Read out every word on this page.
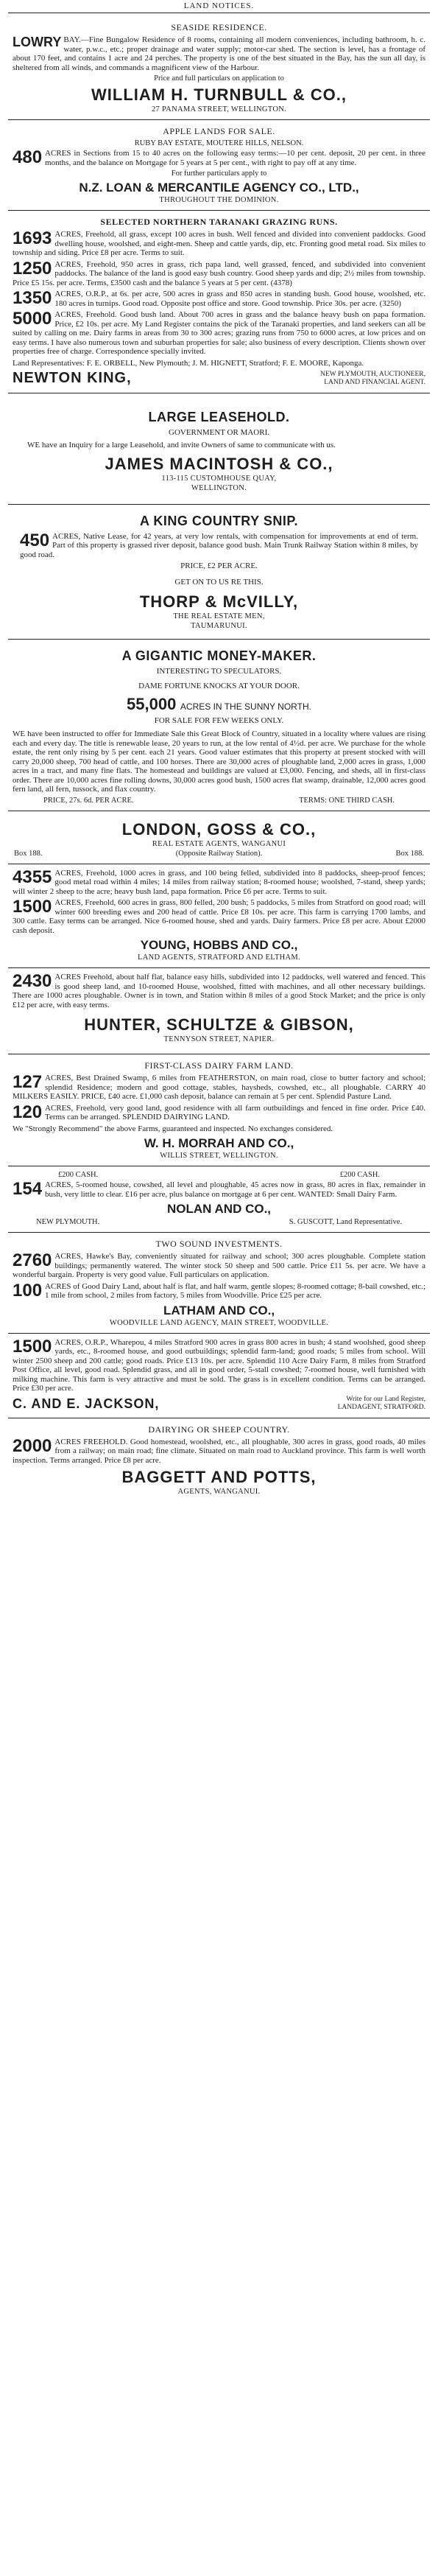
LAND NOTICES.
SEASIDE RESIDENCE.
LOWRY BAY.—Fine Bungalow Residence of 8 rooms, containing all modern conveniences, including bathroom, h. c. water, p.w.c., etc.; proper drainage and water supply; motor-car shed. The section is level, has a frontage of about 170 feet, and contains 1 acre and 24 perches. The property is one of the best situated in the Bay, has the sun all day, is sheltered from all winds, and commands a magnificent view of the Harbour.
Price and full particulars on application to
WILLIAM H. TURNBULL & CO.,
27 PANAMA STREET, WELLINGTON.
APPLE LANDS FOR SALE.
RUBY BAY ESTATE, MOUTERE HILLS, NELSON.
480 ACRES in Sections from 15 to 40 acres on the following easy terms:—10 per cent. deposit, 20 per cent. in three months, and the balance on Mortgage for 5 years at 5 per cent., with right to pay off at any time.
For further particulars apply to
N.Z. LOAN & MERCANTILE AGENCY CO., LTD.,
THROUGHOUT THE DOMINION.
SELECTED NORTHERN TARANAKI GRAZING RUNS.
1693 ACRES, Freehold, all grass, except 100 acres in bush. Well fenced and divided into convenient paddocks. Good dwelling house, woolshed, and eight-men. Sheep and cattle yards, dip, etc. Fronting good metal road. Six miles to township and siding. Price £8 per acre. Terms to suit.
1250 ACRES, Freehold, 950 acres in grass, rich papa land, well grassed, fenced, and subdivided into convenient paddocks. The balance of the land is good easy bush country. Good sheep yards and dip; 2½ miles from township. Price £5 15s. per acre. Terms, £3500 cash and the balance 5 years at 5 per cent. (4378)
1350 ACRES, O.R.P., at 6s. per acre, 500 acres in grass and 850 acres in standing bush. Good house, woolshed, etc. 180 acres in turnips. Good road. Opposite post office and store. Good township. Price 30s. per acre. (3250)
5000 ACRES, Freehold. Good bush land. About 700 acres in grass and the balance heavy bush on papa formation. Price, £2 10s. per acre. My Land Register contains the pick of the Taranaki properties, and land seekers can all be suited by calling on me. Dairy farms in areas from 30 to 300 acres; grazing runs from 750 to 6000 acres, at low prices and on easy terms. I have also numerous town and suburban properties for sale; also business of every description. Clients shown over properties free of charge. Correspondence specially invited.
Land Representatives: F. E. ORBELL, New Plymouth; J. M. HIGNETT, Stratford; F. E. MOORE, Kaponga.
NEWTON KING,	NEW PLYMOUTH, AUCTIONEER,
LAND AND FINANCIAL AGENT.
LARGE LEASEHOLD.
GOVERNMENT OR MAORI.
WE have an Inquiry for a large Leasehold, and invite Owners of same to communicate with us.
JAMES MACINTOSH & CO.,
113-115 CUSTOMHOUSE QUAY,
WELLINGTON.
A KING COUNTRY SNIP.
450 ACRES, Native Lease, for 42 years, at very low rentals, with compensation for improvements at end of term. Part of this property is grassed river deposit, balance good bush. Main Trunk Railway Station within 8 miles, by good road.
PRICE, £2 PER ACRE.
GET ON TO US RE THIS.
THORP & McVILLY,
THE REAL ESTATE MEN,
TAUMARUNUI.
A GIGANTIC MONEY-MAKER.
INTERESTING TO SPECULATORS.
DAME FORTUNE KNOCKS AT YOUR DOOR.
55,000 ACRES IN THE SUNNY NORTH.
FOR SALE FOR FEW WEEKS ONLY.
WE have been instructed to offer for Immediate Sale this Great Block of Country, situated in a locality where values are rising each and every day. The title is renewable lease, 20 years to run, at the low rental of 4½d. per acre. We purchase for the whole estate, the rent only rising by 5 per cent. each 21 years. Good valuer estimates that this property at present stocked with will carry 20,000 sheep, 700 head of cattle, and 100 horses. There are 30,000 acres of ploughable land, 2,000 acres in grass, 1,000 acres in a tract, and many fine flats. The homestead and buildings are valued at £3,000. Fencing, and sheds, all in first-class order. There are 10,000 acres fine rolling downs, 30,000 acres good bush, 1500 acres flat swamp, drainable, 12,000 acres good fern land, all fern, tussock, and flax country.
PRICE, 27s. 6d. PER ACRE.	TERMS: ONE THIRD CASH.
LONDON, GOSS & CO.,
REAL ESTATE AGENTS, WANGANUI
Box 188.	(Opposite Railway Station).	Box 188.
4355 ACRES, Freehold, 1000 acres in grass, and 100 being felled, subdivided into 8 paddocks, sheep-proof fences; good metal road within 4 miles; 14 miles from railway station; 8-roomed house; woolshed, 7-stand, sheep yards; will winter 2 sheep to the acre; heavy bush land, papa formation. Price £6 per acre. Terms to suit.
1500 ACRES, Freehold, 600 acres in grass, 800 felled, 200 bush; 5 paddocks, 5 miles from Stratford on good road; will winter 600 breeding ewes and 200 head of cattle. Price £8 10s. per acre. This farm is carrying 1700 lambs, and 300 cattle. Easy terms can be arranged. Nice 6-roomed house, shed and yards. Dairy farmers. Price £8 per acre. About £2000 cash deposit.
YOUNG, HOBBS AND CO.,
LAND AGENTS, STRATFORD AND ELTHAM.
2430 ACRES Freehold, about half flat, balance easy hills, subdivided into 12 paddocks, well watered and fenced. This is good sheep land, and 10-roomed House, woolshed, fitted with machines, and all other necessary buildings. There are 1000 acres ploughable. Owner is in town, and Station within 8 miles of a good Stock Market; and the price is only £12 per acre, with easy terms.
HUNTER, SCHULTZE & GIBSON,
TENNYSON STREET, NAPIER.
FIRST-CLASS DAIRY FARM LAND.
127 ACRES, Best Drained Swamp, 6 miles from FEATHERSTON, on main road, close to butter factory and school; splendid Residence; modern and good cottage, stables, haysheds, cowshed, etc., all ploughable. CARRY 40 MILKERS EASILY. PRICE, £40 acre. £1,000 cash deposit, balance can remain at 5 per cent. Splendid Pasture Land.
120 ACRES, Freehold, very good land, good residence with all farm outbuildings and fenced in fine order. Price £40. Terms can be arranged. SPLENDID DAIRYING LAND.
We "Strongly Recommend" the above Farms, guaranteed and inspected. No exchanges considered.
W. H. MORRAH AND CO.,
WILLIS STREET, WELLINGTON.
£200 CASH.	£200 CASH.
154 ACRES, 5-roomed house, cowshed, all level and ploughable, 45 acres now in grass, 80 acres in flax, remainder in bush, very little to clear. £16 per acre, plus balance on mortgage at 6 per cent. WANTED: Small Dairy Farm.
NOLAN AND CO.,
NEW PLYMOUTH.	S. GUSCOTT, Land Representative.
TWO SOUND INVESTMENTS.
2760 ACRES, Hawke's Bay, conveniently situated for railway and school; 300 acres ploughable. Complete station buildings; permanently watered. The winter stock 50 sheep and 500 cattle. Price £11 5s. per acre. We have a wonderful bargain. Property is very good value. Full particulars on application.
100 ACRES of Good Dairy Land, about half is flat, and half warm, gentle slopes; 8-roomed cottage; 8-bail cowshed, etc.; 1 mile from school, 2 miles from factory, 5 miles from Woodville. Price £25 per acre.
LATHAM AND CO.,
WOODVILLE LAND AGENCY, MAIN STREET, WOODVILLE.
1500 ACRES, O.R.P., Wharepou, 4 miles Stratford 900 acres in grass 800 acres in bush; 4 stand woolshed, good sheep yards, etc., 8-roomed house, and good outbuildings; splendid farm-land; good roads; 5 miles from school. Will winter 2500 sheep and 200 cattle; good roads. Price £13 10s. per acre. Splendid 110 Acre Dairy Farm, 8 miles from Stratford Post Office, all level, good road. Splendid grass, and all in good order, 5-stall cowshed; 7-roomed house, well furnished with milking machine. This farm is very attractive and must be sold. The grass is in excellent condition. Terms can be arranged. Price £30 per acre.
C. AND E. JACKSON,	Write for our Land Register,
LANDAGENT, STRATFORD.
DAIRYING OR SHEEP COUNTRY.
2000 ACRES FREEHOLD. Good homestead, woolshed, etc., all ploughable, 300 acres in grass, good roads, 40 miles from a railway; on main road; fine climate. Situated on main road to Auckland province. This farm is well worth inspection. Terms arranged. Price £8 per acre.
BAGGETT AND POTTS,
AGENTS, WANGANUI.
